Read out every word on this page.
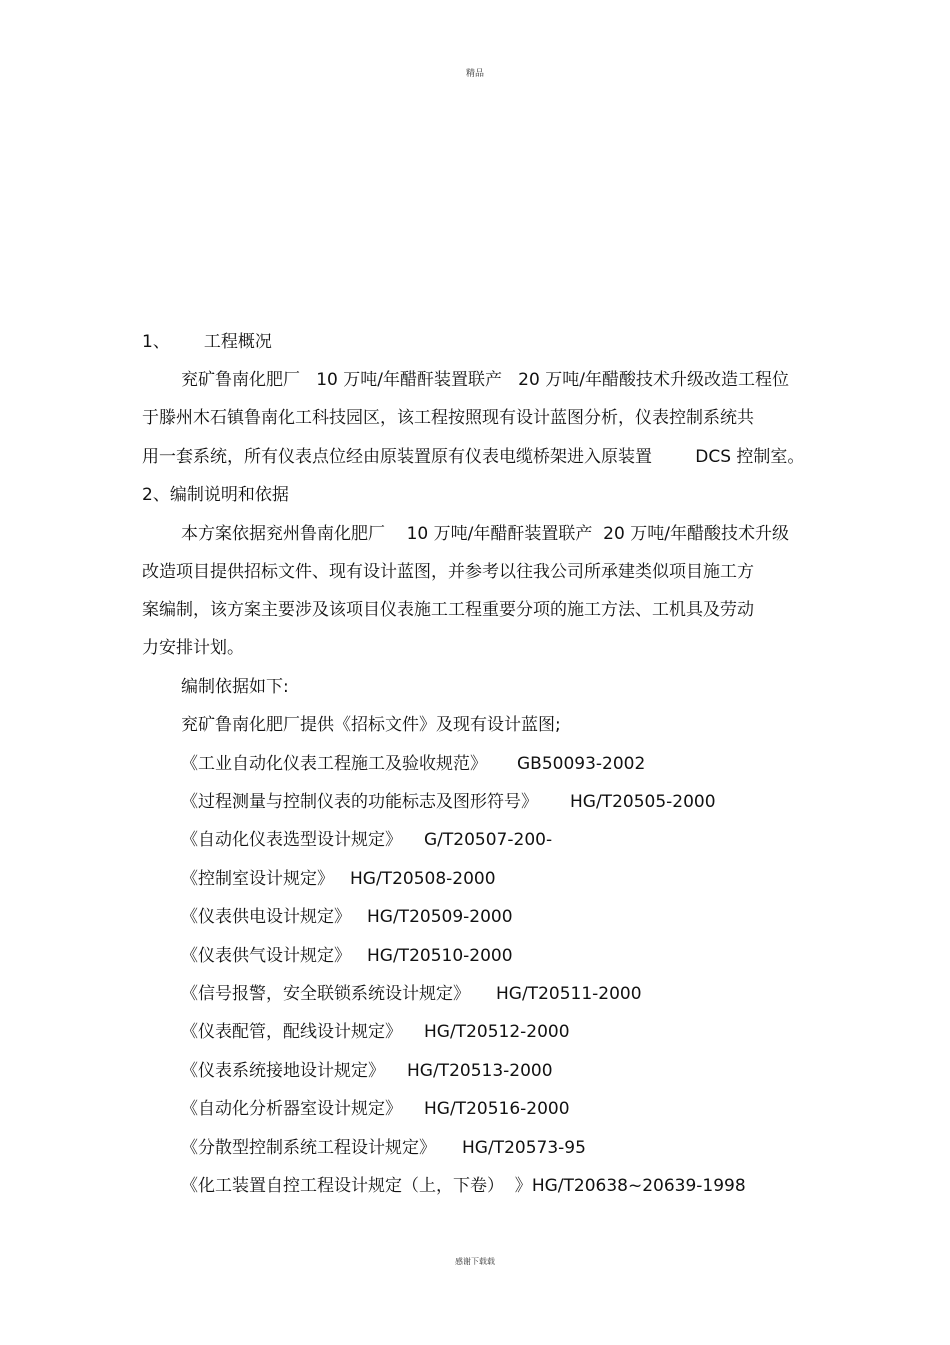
精品
1、 工程概况
兖矿鲁南化肥厂   10 万吨/年醋酐装置联产   20 万吨/年醋酸技术升级改造工程位
于滕州木石镇鲁南化工科技园区，该工程按照现有设计蓝图分析，仪表控制系统共
用一套系统，所有仪表点位经由原装置原有仪表电缆桥架进入原装置        DCS 控制室。
2、编制说明和依据
本方案依据兖州鲁南化肥厂    10 万吨/年醋酐装置联产  20 万吨/年醋酸技术升级
改造项目提供招标文件、现有设计蓝图，并参考以往我公司所承建类似项目施工方
案编制，该方案主要涉及该项目仪表施工工程重要分项的施工方法、工机具及劳动
力安排计划。
编制依据如下:
兖矿鲁南化肥厂提供《招标文件》及现有设计蓝图;
《工业自动化仪表工程施工及验收规范》 GB50093-2002
《过程测量与控制仪表的功能标志及图形符号》 HG/T20505-2000
《自动化仪表选型设计规定》 G/T20507-200-
《控制室设计规定》 HG/T20508-2000
《仪表供电设计规定》 HG/T20509-2000
《仪表供气设计规定》 HG/T20510-2000
《信号报警，安全联锁系统设计规定》 HG/T20511-2000
《仪表配管，配线设计规定》 HG/T20512-2000
《仪表系统接地设计规定》 HG/T20513-2000
《自动化分析器室设计规定》 HG/T20516-2000
《分散型控制系统工程设计规定》 HG/T20573-95
《化工装置自控工程设计规定（上，下卷）  》HG/T20638~20639-1998
感谢下载载
